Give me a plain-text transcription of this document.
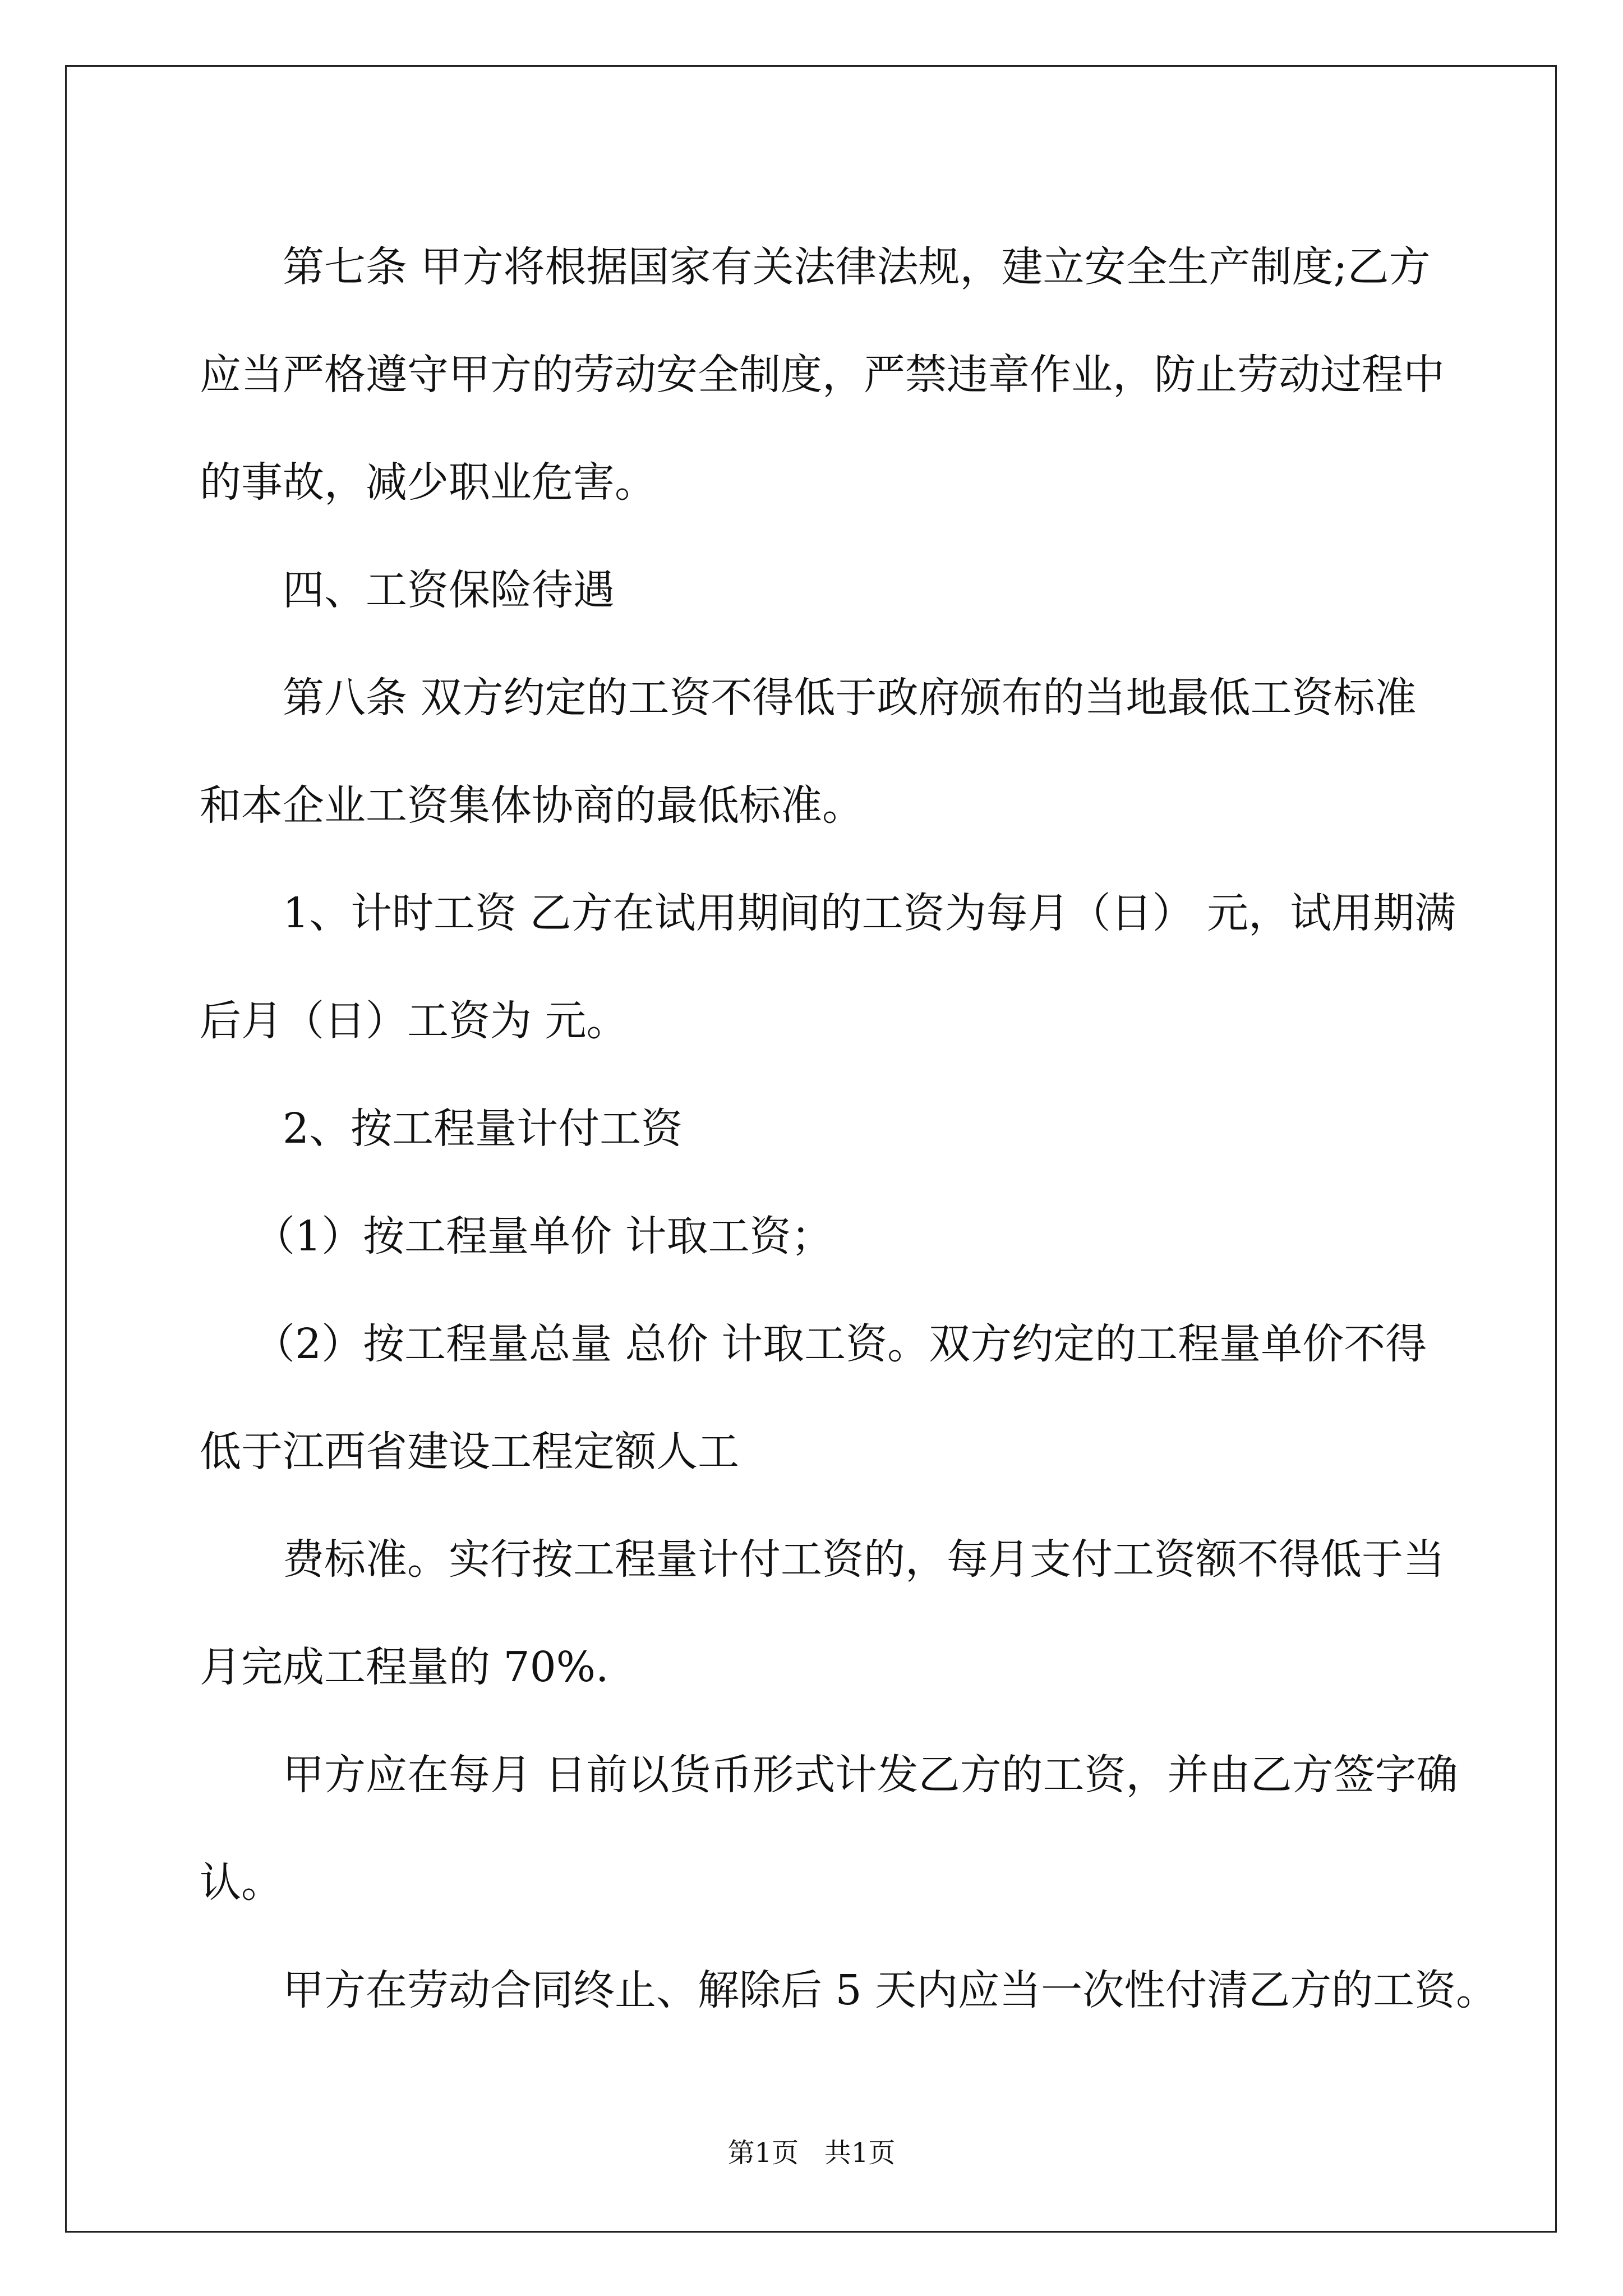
第七条 甲方将根据国家有关法律法规，建立安全生产制度;乙方

应当严格遵守甲方的劳动安全制度，严禁违章作业，防止劳动过程中

的事故，减少职业危害。

四、工资保险待遇

第八条 双方约定的工资不得低于政府颁布的当地最低工资标准

和本企业工资集体协商的最低标准。

1、计时工资 乙方在试用期间的工资为每月（日） 元，试用期满

后月（日）工资为 元。

2、按工程量计付工资

（1）按工程量单价 计取工资；

（2）按工程量总量 总价 计取工资。双方约定的工程量单价不得

低于江西省建设工程定额人工

费标准。实行按工程量计付工资的，每月支付工资额不得低于当

月完成工程量的 70%.

甲方应在每月 日前以货币形式计发乙方的工资，并由乙方签字确

认。

甲方在劳动合同终止、解除后 5 天内应当一次性付清乙方的工资。

第1页   共1页
